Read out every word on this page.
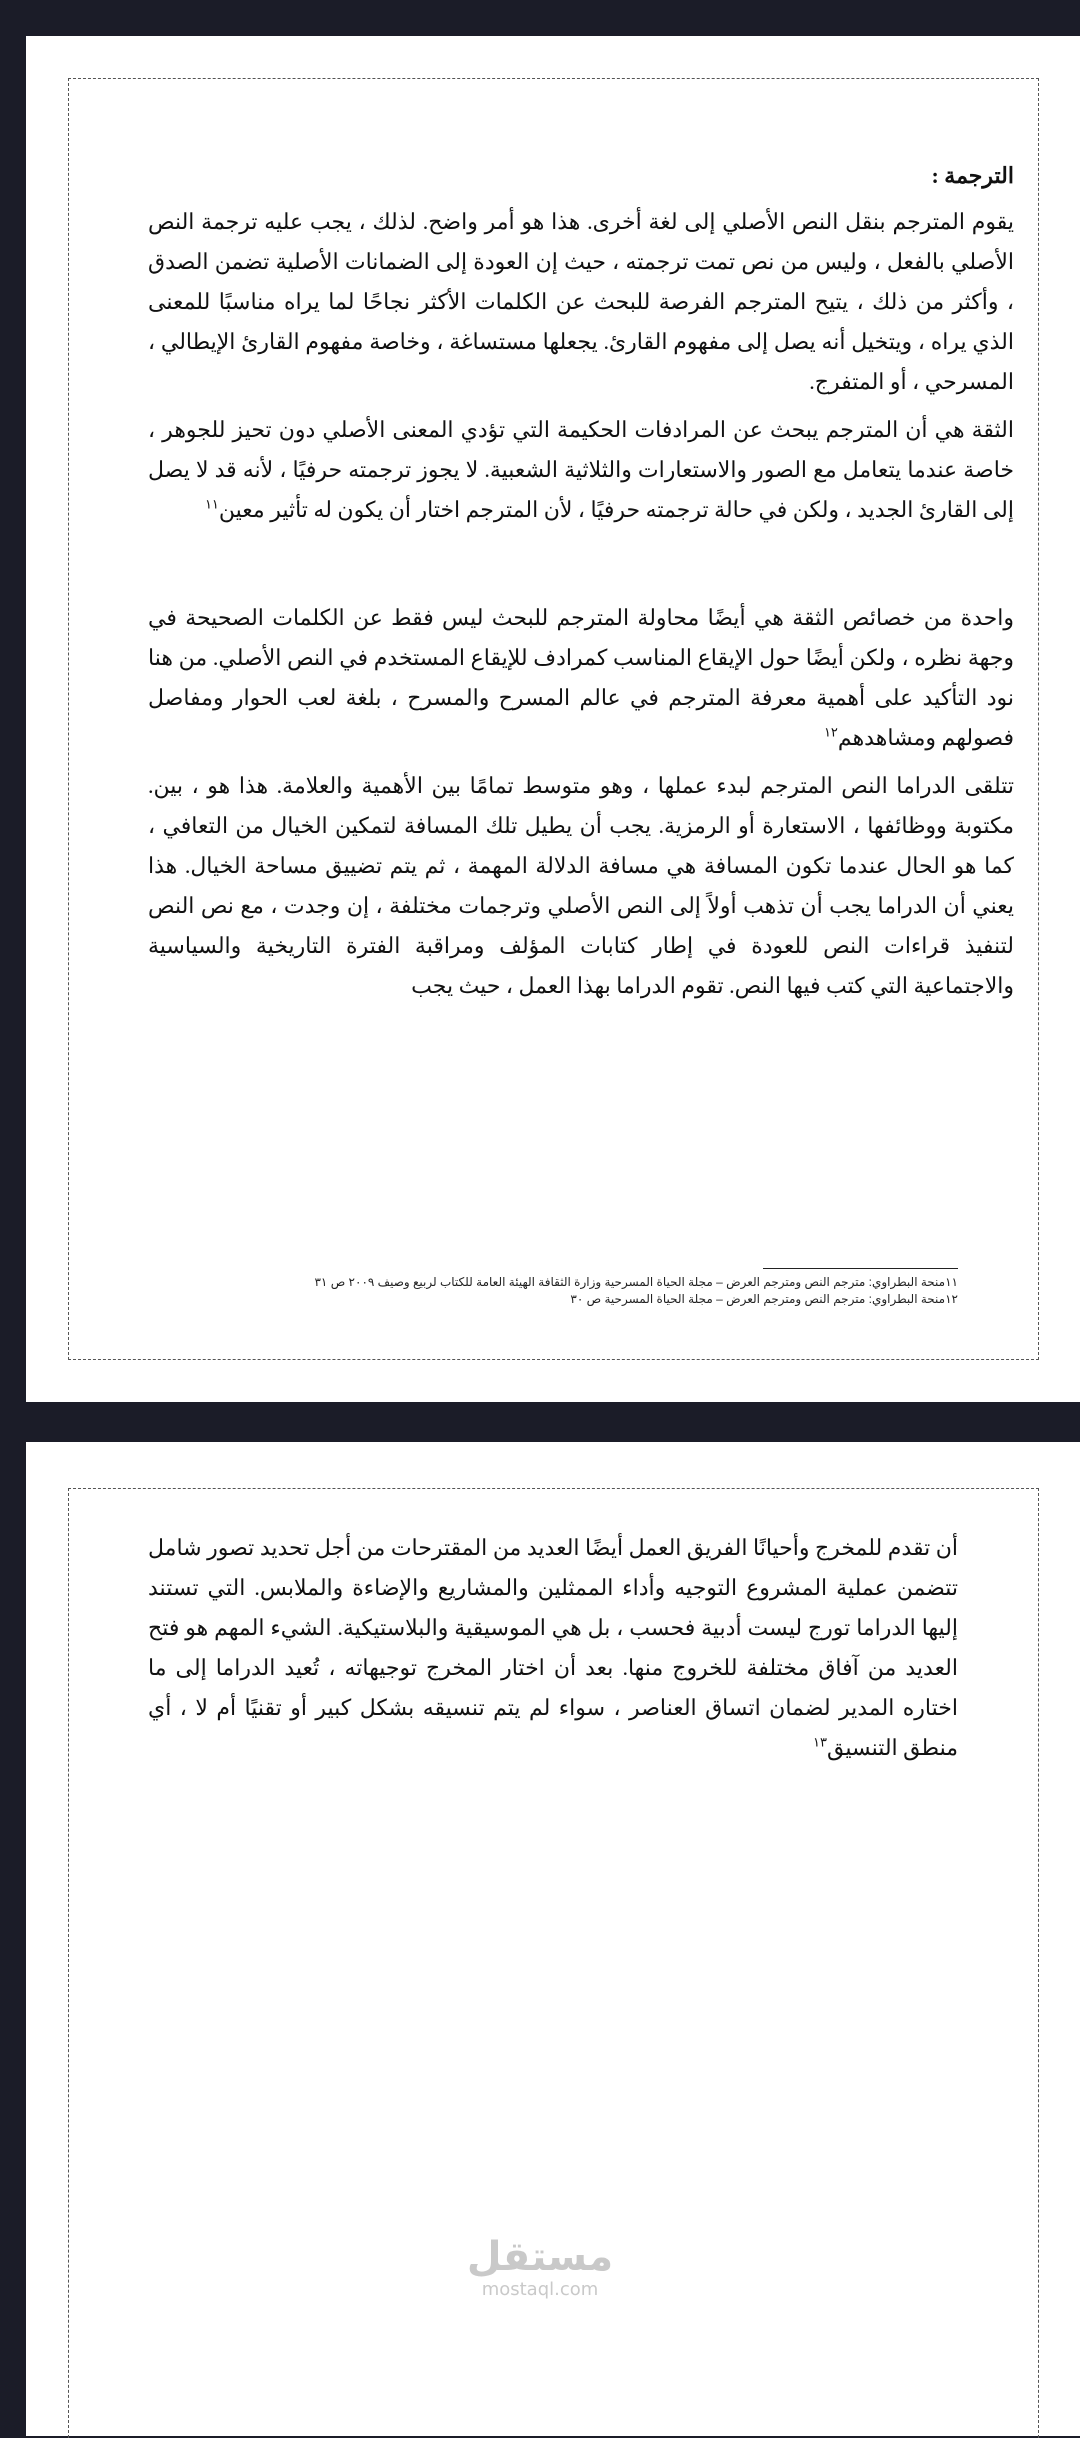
الترجمة :

يقوم المترجم بنقل النص الأصلي إلى لغة أخرى. هذا هو أمر واضح. لذلك ، يجب عليه ترجمة النص الأصلي بالفعل ، وليس من نص تمت ترجمته ، حيث إن العودة إلى الضمانات الأصلية تضمن الصدق ، وأكثر من ذلك ، يتيح المترجم الفرصة للبحث عن الكلمات الأكثر نجاحًا لما يراه مناسبًا للمعنى الذي يراه ، ويتخيل أنه يصل إلى مفهوم القارئ. يجعلها مستساغة ، وخاصة مفهوم القارئ الإيطالي ، المسرحي ، أو المتفرج.

الثقة هي أن المترجم يبحث عن المرادفات الحكيمة التي تؤدي المعنى الأصلي دون تحيز للجوهر ، خاصة عندما يتعامل مع الصور والاستعارات والثلاثية الشعبية. لا يجوز ترجمته حرفيًا ، لأنه قد لا يصل إلى القارئ الجديد ، ولكن في حالة ترجمته حرفيًا ، لأن المترجم اختار أن يكون له تأثير معين$^{١١}$

واحدة من خصائص الثقة هي أيضًا محاولة المترجم للبحث ليس فقط عن الكلمات الصحيحة في وجهة نظره ، ولكن أيضًا حول الإيقاع المناسب كمرادف للإيقاع المستخدم في النص الأصلي. من هنا نود التأكيد على أهمية معرفة المترجم في عالم المسرح والمسرح ، بلغة لعب الحوار ومفاصل فصولهم ومشاهدهم$^{١٢}$

تتلقى الدراما النص المترجم لبدء عملها ، وهو متوسط تمامًا بين الأهمية والعلامة. هذا هو ، بين. مكتوبة ووظائفها ، الاستعارة أو الرمزية. يجب أن يطيل تلك المسافة لتمكين الخيال من التعافي ، كما هو الحال عندما تكون المسافة هي مسافة الدلالة المهمة ، ثم يتم تضييق مساحة الخيال. هذا يعني أن الدراما يجب أن تذهب أولاً إلى النص الأصلي وترجمات مختلفة ، إن وجدت ، مع نص النص لتنفيذ قراءات النص للعودة في إطار كتابات المؤلف ومراقبة الفترة التاريخية والسياسية والاجتماعية التي كتب فيها النص. تقوم الدراما بهذا العمل ، حيث يجب

١١منحة البطراوي: مترجم النص ومترجم العرض – مجلة الحياة المسرحية وزارة الثقافة الهيئة العامة للكتاب لربيع وصيف ٢٠٠٩ ص ٣١
١٢منحة البطراوي: مترجم النص ومترجم العرض – مجلة الحياة المسرحية ص ٣٠

أن تقدم للمخرج وأحيانًا الفريق العمل أيضًا العديد من المقترحات من أجل تحديد تصور شامل تتضمن عملية المشروع التوجيه وأداء الممثلين والمشاريع والإضاءة والملابس. التي تستند إليها الدراما تورج ليست أدبية فحسب ، بل هي الموسيقية والبلاستيكية. الشيء المهم هو فتح العديد من آفاق مختلفة للخروج منها. بعد أن اختار المخرج توجيهاته ، تُعيد الدراما إلى ما اختاره المدير لضمان اتساق العناصر ، سواء لم يتم تنسيقه بشكل كبير أو تقنيًا أم لا ، أي منطق التنسيق$^{١٣}$

مستقل
mostaql.com
